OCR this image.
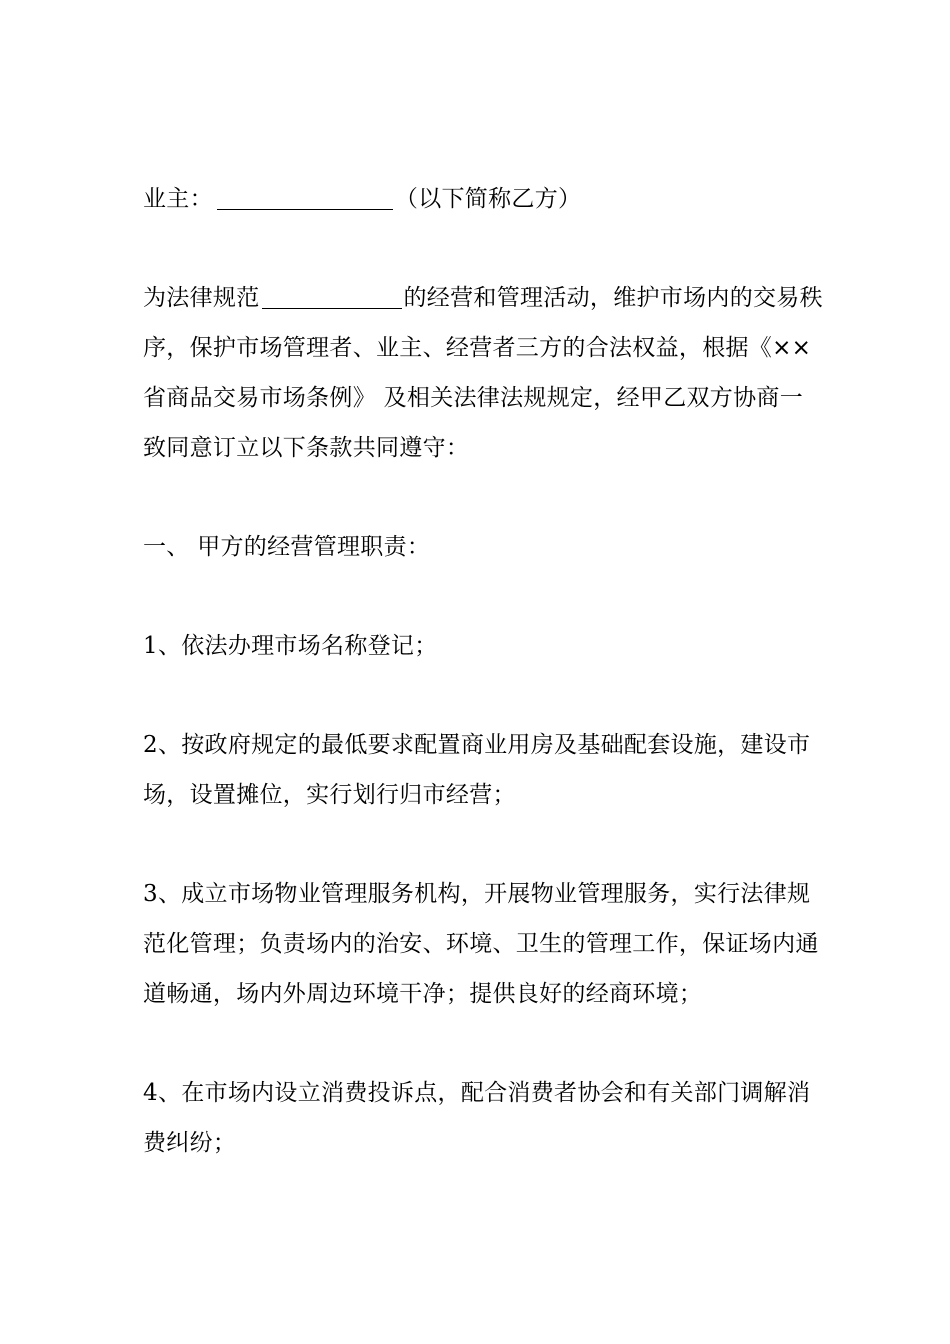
业主：	（以下简称乙方）

为法律规范	的经营和管理活动，维护市场内的交易秩序，保护市场管理者、业主、经营者三方的合法权益，根据《××省商品交易市场条例》 及相关法律法规规定，经甲乙双方协商一致同意订立以下条款共同遵守：

一、 甲方的经营管理职责：

1、依法办理市场名称登记；

2、按政府规定的最低要求配置商业用房及基础配套设施，建设市场，设置摊位，实行划行归市经营；

3、成立市场物业管理服务机构，开展物业管理服务，实行法律规范化管理；负责场内的治安、环境、卫生的管理工作，保证场内通道畅通，场内外周边环境干净；提供良好的经商环境；

4、在市场内设立消费投诉点，配合消费者协会和有关部门调解消费纠纷；
